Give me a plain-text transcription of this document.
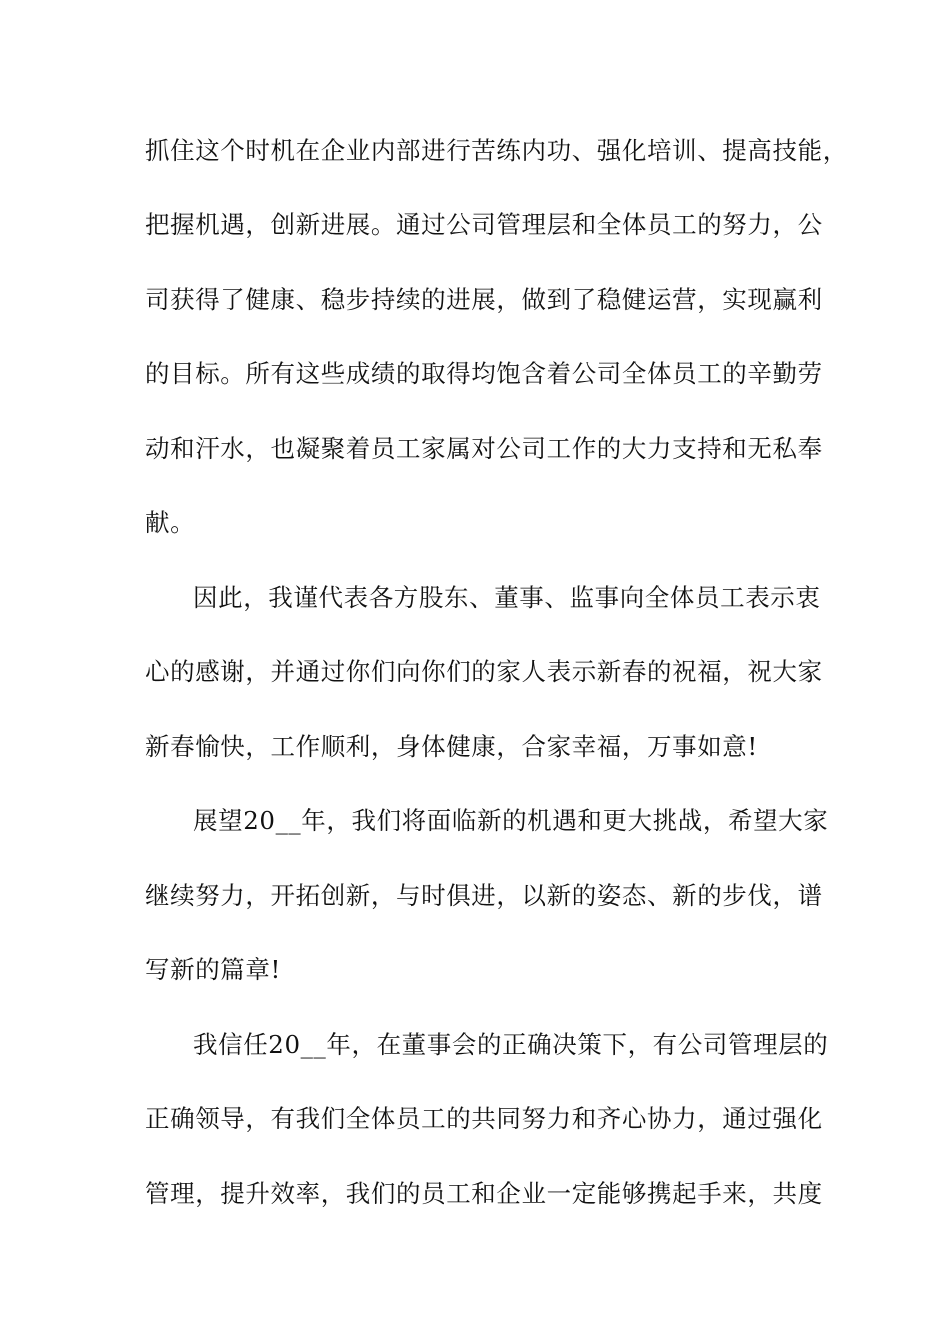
抓住这个时机在企业内部进行苦练内功、强化培训、提高技能，
把握机遇，创新进展。通过公司管理层和全体员工的努力，公
司获得了健康、稳步持续的进展，做到了稳健运营，实现赢利
的目标。所有这些成绩的取得均饱含着公司全体员工的辛勤劳
动和汗水，也凝聚着员工家属对公司工作的大力支持和无私奉
献。
因此，我谨代表各方股东、董事、监事向全体员工表示衷
心的感谢，并通过你们向你们的家人表示新春的祝福，祝大家
新春愉快，工作顺利，身体健康，合家幸福，万事如意!
展望20__年，我们将面临新的机遇和更大挑战，希望大家
继续努力，开拓创新，与时俱进，以新的姿态、新的步伐，谱
写新的篇章!
我信任20__年，在董事会的正确决策下，有公司管理层的
正确领导，有我们全体员工的共同努力和齐心协力，通过强化
管理，提升效率，我们的员工和企业一定能够携起手来，共度
